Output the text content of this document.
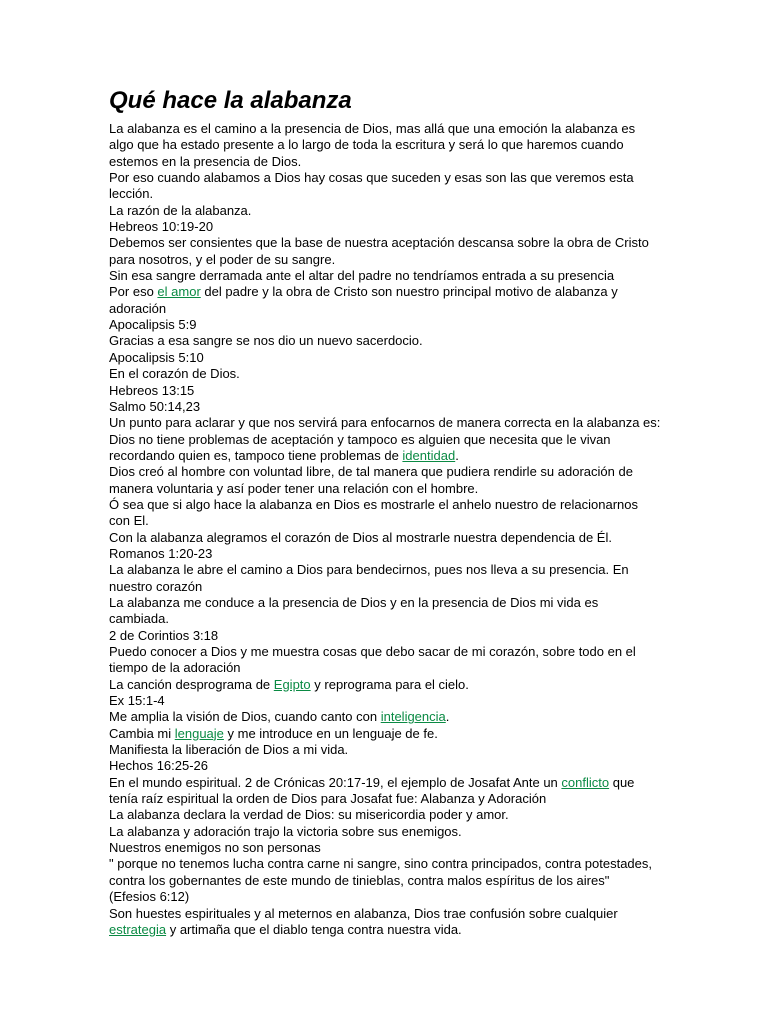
Qué hace la alabanza
La alabanza es el camino a la presencia de Dios, mas allá que una emoción la alabanza es
algo que ha estado presente a lo largo de toda la escritura y será lo que haremos cuando
estemos en la presencia de Dios.
Por eso cuando alabamos a Dios hay cosas que suceden y esas son las que veremos esta
lección.
La razón de la alabanza.
Hebreos 10:19-20
Debemos ser consientes que la base de nuestra aceptación descansa sobre la obra de Cristo
para nosotros, y el poder de su sangre.
Sin esa sangre derramada ante el altar del padre no tendríamos entrada a su presencia
Por eso el amor del padre y la obra de Cristo son nuestro principal motivo de alabanza y
adoración
Apocalipsis 5:9
Gracias a esa sangre se nos dio un nuevo sacerdocio.
Apocalipsis 5:10
En el corazón de Dios.
Hebreos 13:15
Salmo 50:14,23
Un punto para aclarar y que nos servirá para enfocarnos de manera correcta en la alabanza es:
Dios no tiene problemas de aceptación y tampoco es alguien que necesita que le vivan
recordando quien es, tampoco tiene problemas de identidad.
Dios creó al hombre con voluntad libre, de tal manera que pudiera rendirle su adoración de
manera voluntaria y así poder tener una relación con el hombre.
Ó sea que si algo hace la alabanza en Dios es mostrarle el anhelo nuestro de relacionarnos
con El.
Con la alabanza alegramos el corazón de Dios al mostrarle nuestra dependencia de Él.
Romanos 1:20-23
La alabanza le abre el camino a Dios para bendecirnos, pues nos lleva a su presencia. En
nuestro corazón
La alabanza me conduce a la presencia de Dios y en la presencia de Dios mi vida es
cambiada.
2 de Corintios 3:18
Puedo conocer a Dios y me muestra cosas que debo sacar de mi corazón, sobre todo en el
tiempo de la adoración
La canción desprograma de Egipto y reprograma para el cielo.
Ex 15:1-4
Me amplia la visión de Dios, cuando canto con inteligencia.
Cambia mi lenguaje y me introduce en un lenguaje de fe.
Manifiesta la liberación de Dios a mi vida.
Hechos 16:25-26
En el mundo espiritual. 2 de Crónicas 20:17-19, el ejemplo de Josafat Ante un conflicto que
tenía raíz espiritual la orden de Dios para Josafat fue: Alabanza y Adoración
La alabanza declara la verdad de Dios: su misericordia poder y amor.
La alabanza y adoración trajo la victoria sobre sus enemigos.
Nuestros enemigos no son personas
" porque no tenemos lucha contra carne ni sangre, sino contra principados, contra potestades,
contra los gobernantes de este mundo de tinieblas, contra malos espíritus de los aires"
(Efesios 6:12)
Son huestes espirituales y al meternos en alabanza, Dios trae confusión sobre cualquier
estrategia y artimaña que el diablo tenga contra nuestra vida.
